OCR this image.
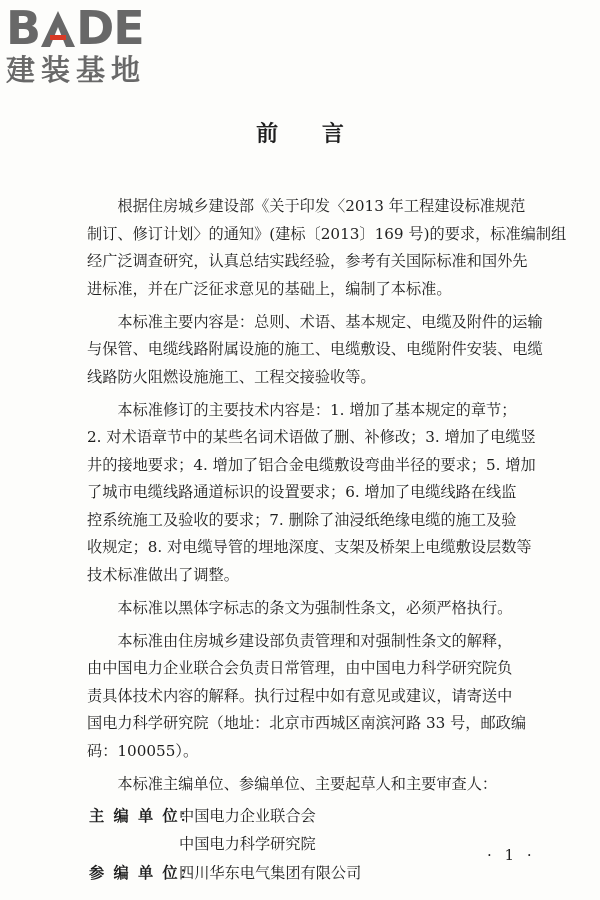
B DE
建装基地
前 言
根据住房城乡建设部《关于印发〈2013 年工程建设标准规范
制订、修订计划〉的通知》(建标〔2013〕169 号)的要求，标准编制组
经广泛调查研究，认真总结实践经验，参考有关国际标准和国外先
进标准，并在广泛征求意见的基础上，编制了本标准。
本标准主要内容是：总则、术语、基本规定、电缆及附件的运输
与保管、电缆线路附属设施的施工、电缆敷设、电缆附件安装、电缆
线路防火阻燃设施施工、工程交接验收等。
本标准修订的主要技术内容是：1. 增加了基本规定的章节；
2. 对术语章节中的某些名词术语做了删、补修改；3. 增加了电缆竖
井的接地要求；4. 增加了铝合金电缆敷设弯曲半径的要求；5. 增加
了城市电缆线路通道标识的设置要求；6. 增加了电缆线路在线监
控系统施工及验收的要求；7. 删除了油浸纸绝缘电缆的施工及验
收规定；8. 对电缆导管的埋地深度、支架及桥架上电缆敷设层数等
技术标准做出了调整。
本标准以黑体字标志的条文为强制性条文，必须严格执行。
本标准由住房城乡建设部负责管理和对强制性条文的解释，
由中国电力企业联合会负责日常管理，由中国电力科学研究院负
责具体技术内容的解释。执行过程中如有意见或建议，请寄送中
国电力科学研究院（地址：北京市西城区南滨河路 33 号，邮政编
码：100055）。
本标准主编单位、参编单位、主要起草人和主要审查人：
主 编 单 位：
中国电力企业联合会
中国电力科学研究院
参 编 单 位：
四川华东电气集团有限公司
· 1 ·
